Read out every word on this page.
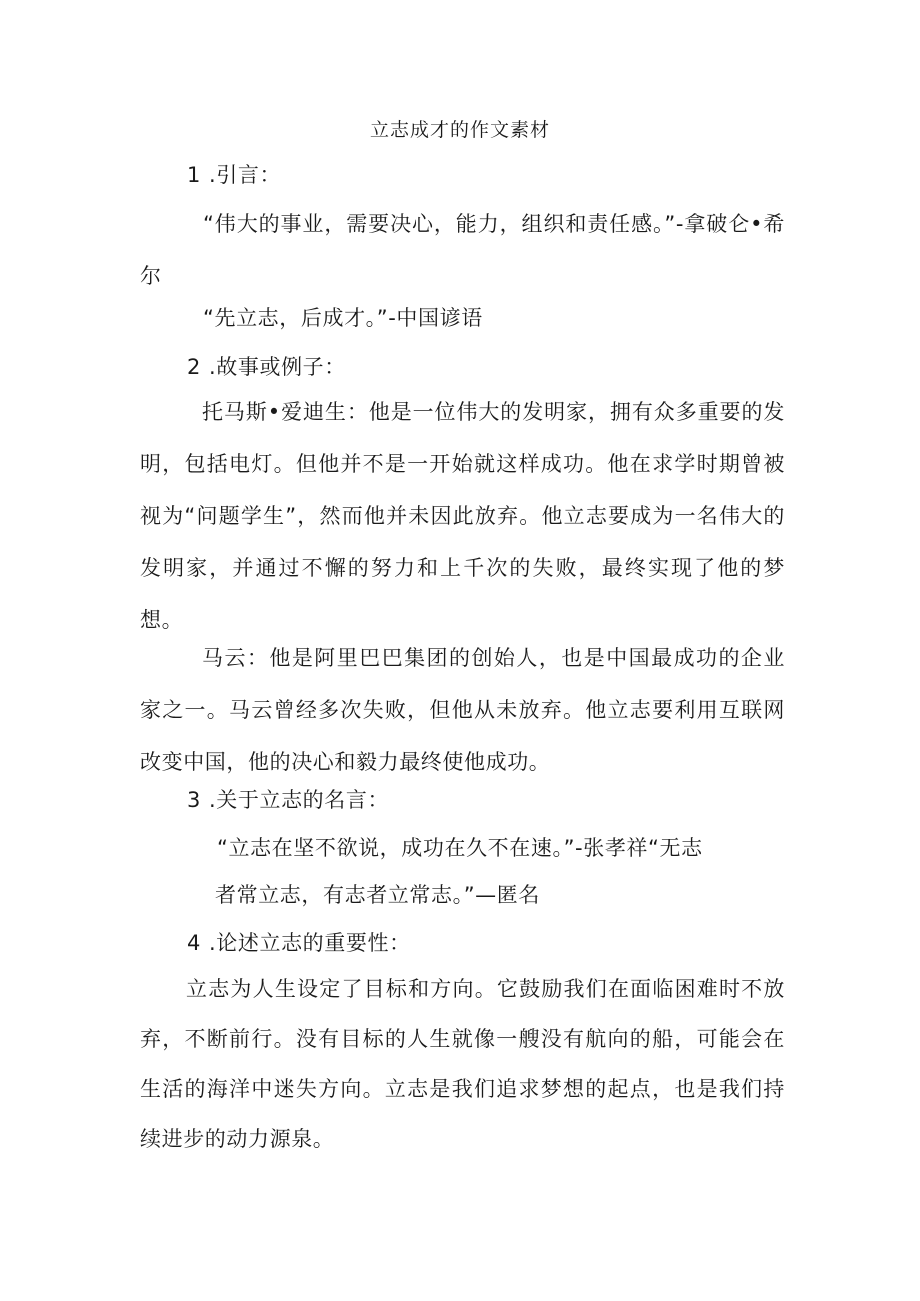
立志成才的作文素材
1 .引言：

“伟大的事业，需要决心，能力，组织和责任感。”-拿破仑•希尔

“先立志，后成才。”-中国谚语
2 .故事或例子：

托马斯•爱迪生：他是一位伟大的发明家，拥有众多重要的发明，包括电灯。但他并不是一开始就这样成功。他在求学时期曾被视为“问题学生”，然而他并未因此放弃。他立志要成为一名伟大的发明家，并通过不懈的努力和上千次的失败，最终实现了他的梦想。

马云：他是阿里巴巴集团的创始人，也是中国最成功的企业家之一。马云曾经多次失败，但他从未放弃。他立志要利用互联网改变中国，他的决心和毅力最终使他成功。

3 .关于立志的名言：
“立志在坚不欲说，成功在久不在速。”-张孝祥“无志
者常立志，有志者立常志。”—匿名
4 .论述立志的重要性：

立志为人生设定了目标和方向。它鼓励我们在面临困难时不放弃，不断前行。没有目标的人生就像一艘没有航向的船，可能会在生活的海洋中迷失方向。立志是我们追求梦想的起点，也是我们持续进步的动力源泉。
